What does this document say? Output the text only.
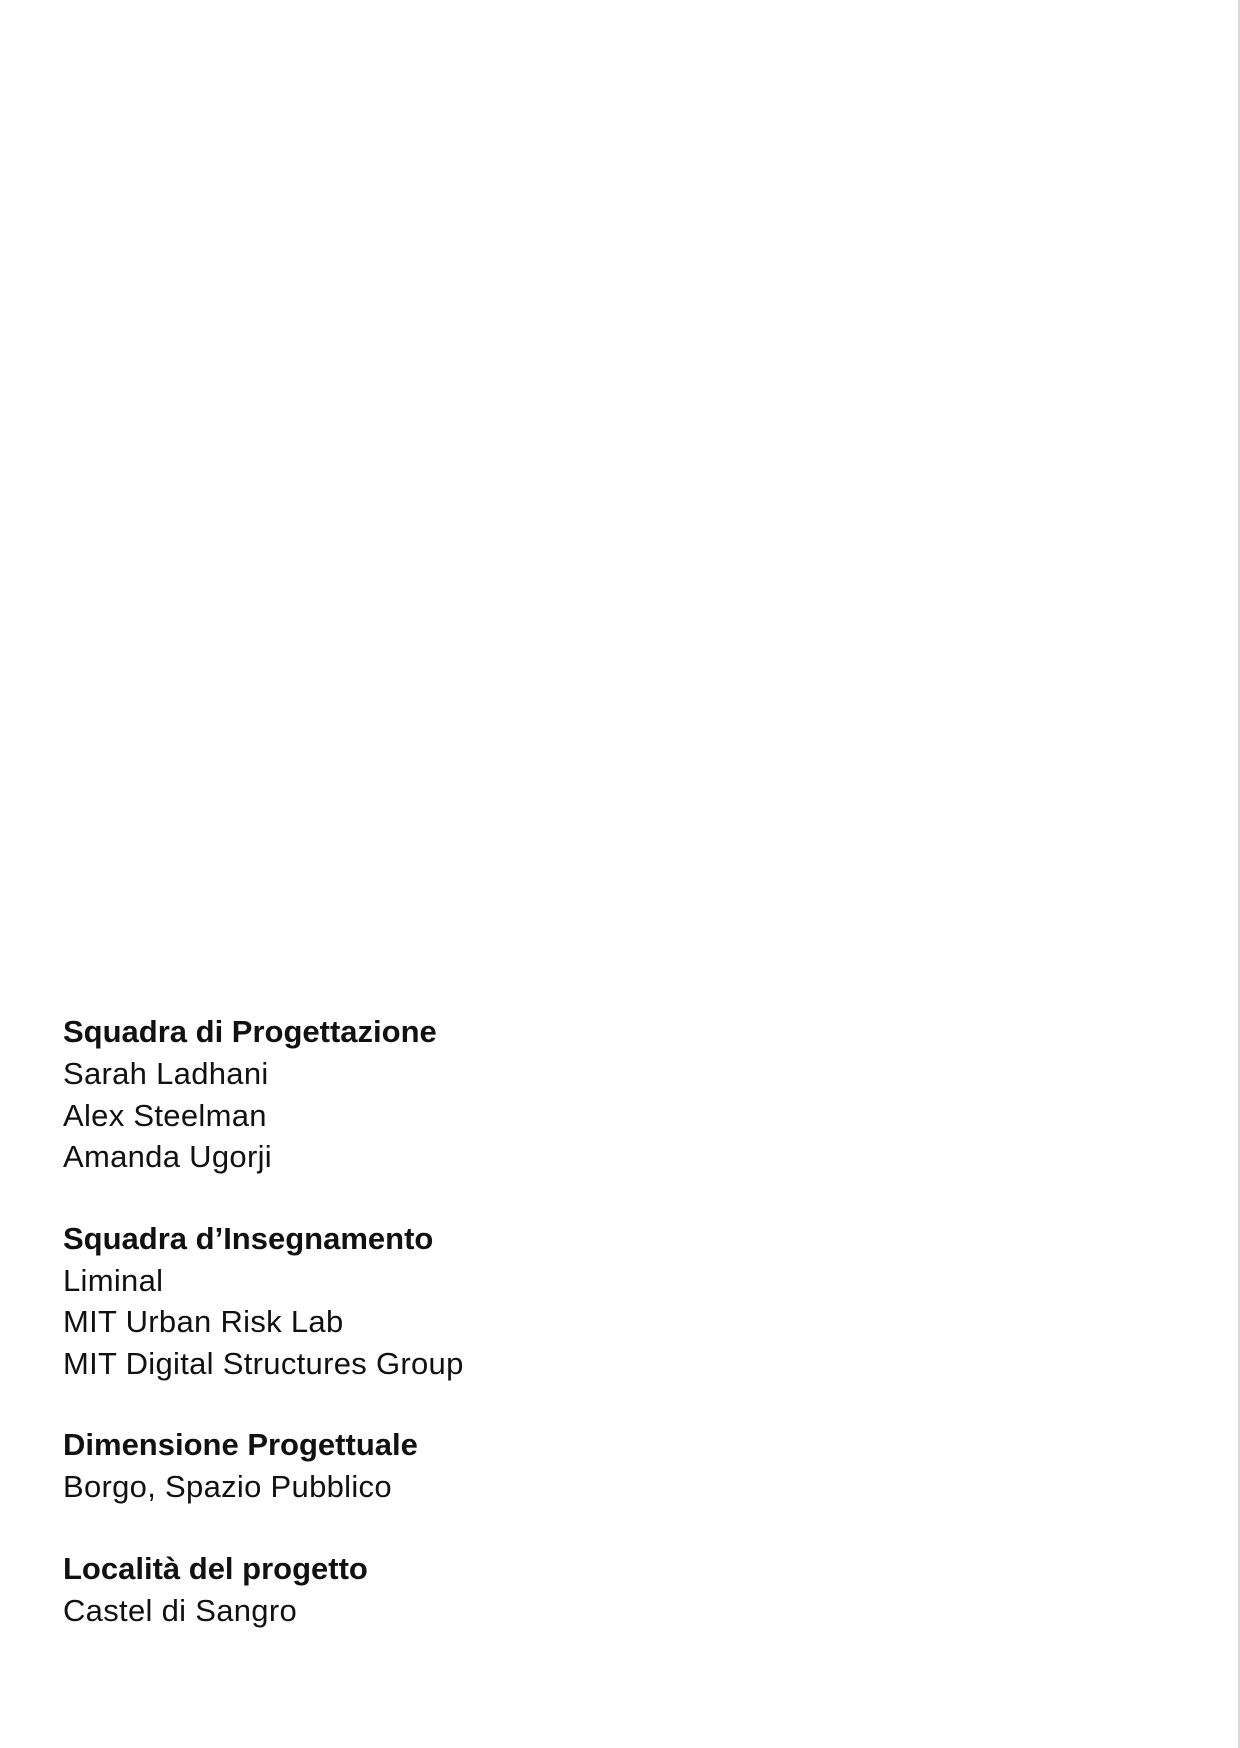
Squadra di Progettazione

Sarah Ladhani

Alex Steelman

Amanda Ugorji

Squadra d’Insegnamento

Liminal

MIT Urban Risk Lab

MIT Digital Structures Group

Dimensione Progettuale

Borgo, Spazio Pubblico

Località del progetto

Castel di Sangro
